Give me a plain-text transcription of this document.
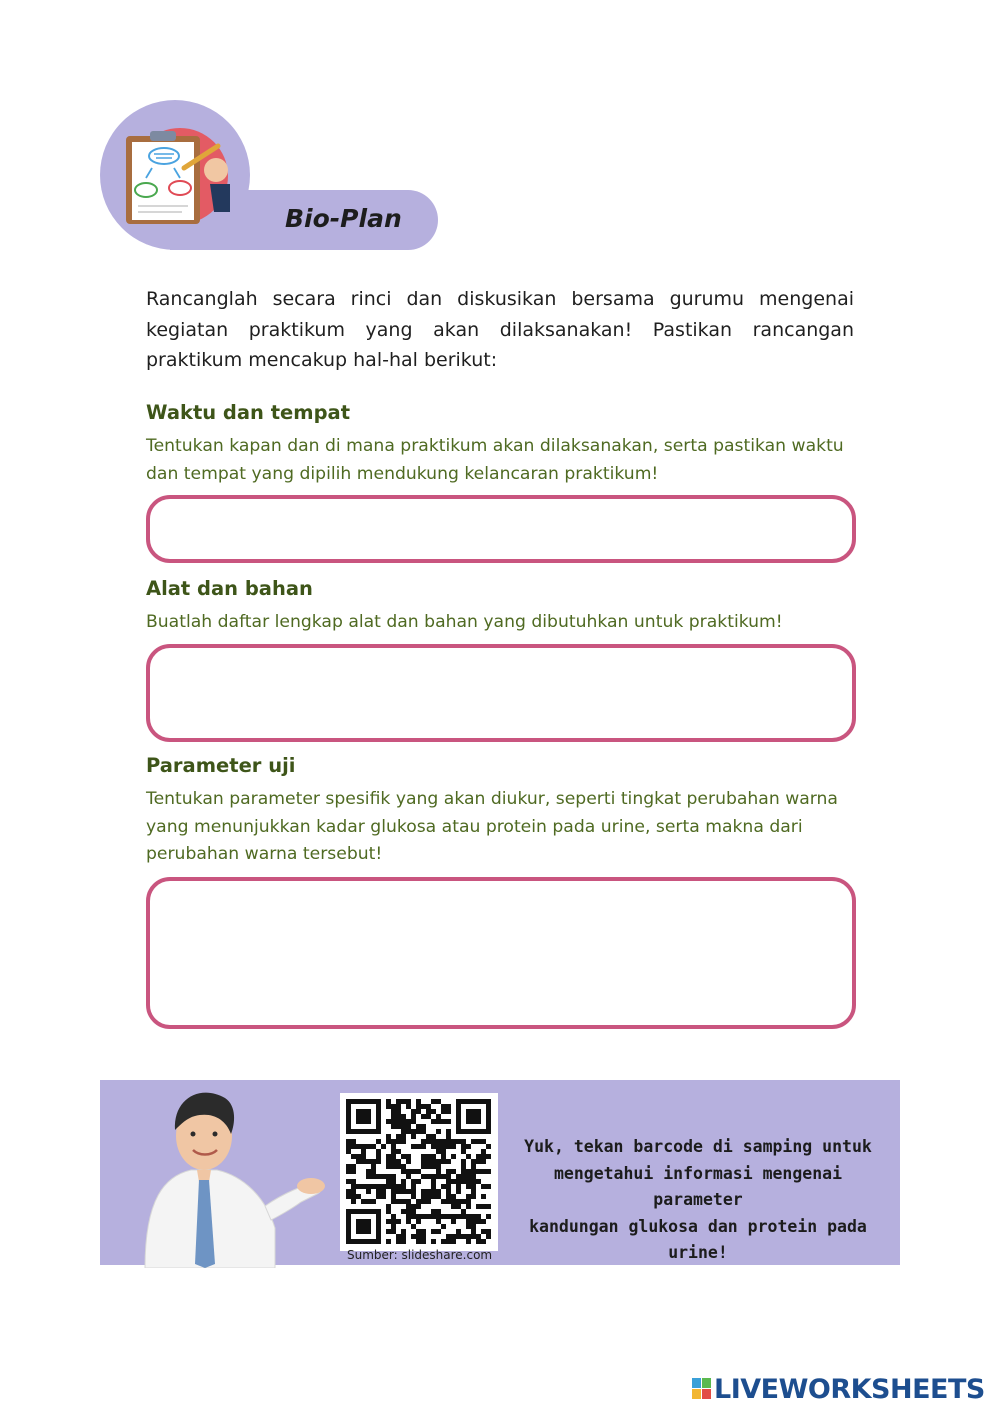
Bio-Plan
Rancanglah secara rinci dan diskusikan bersama gurumu mengenai kegiatan praktikum yang akan dilaksanakan! Pastikan rancangan praktikum mencakup hal-hal berikut:
Waktu dan tempat
Tentukan kapan dan di mana praktikum akan dilaksanakan, serta pastikan waktu
dan tempat yang dipilih mendukung kelancaran praktikum!
Alat dan bahan
Buatlah daftar lengkap alat dan bahan yang dibutuhkan untuk praktikum!
Parameter uji
Tentukan parameter spesifik yang akan diukur, seperti tingkat perubahan warna
yang menunjukkan kadar glukosa atau protein pada urine, serta makna dari
perubahan warna tersebut!
Sumber: slideshare.com
Yuk, tekan barcode di samping untuk
mengetahui informasi mengenai parameter
kandungan glukosa dan protein pada urine!
LIVEWORKSHEETS
